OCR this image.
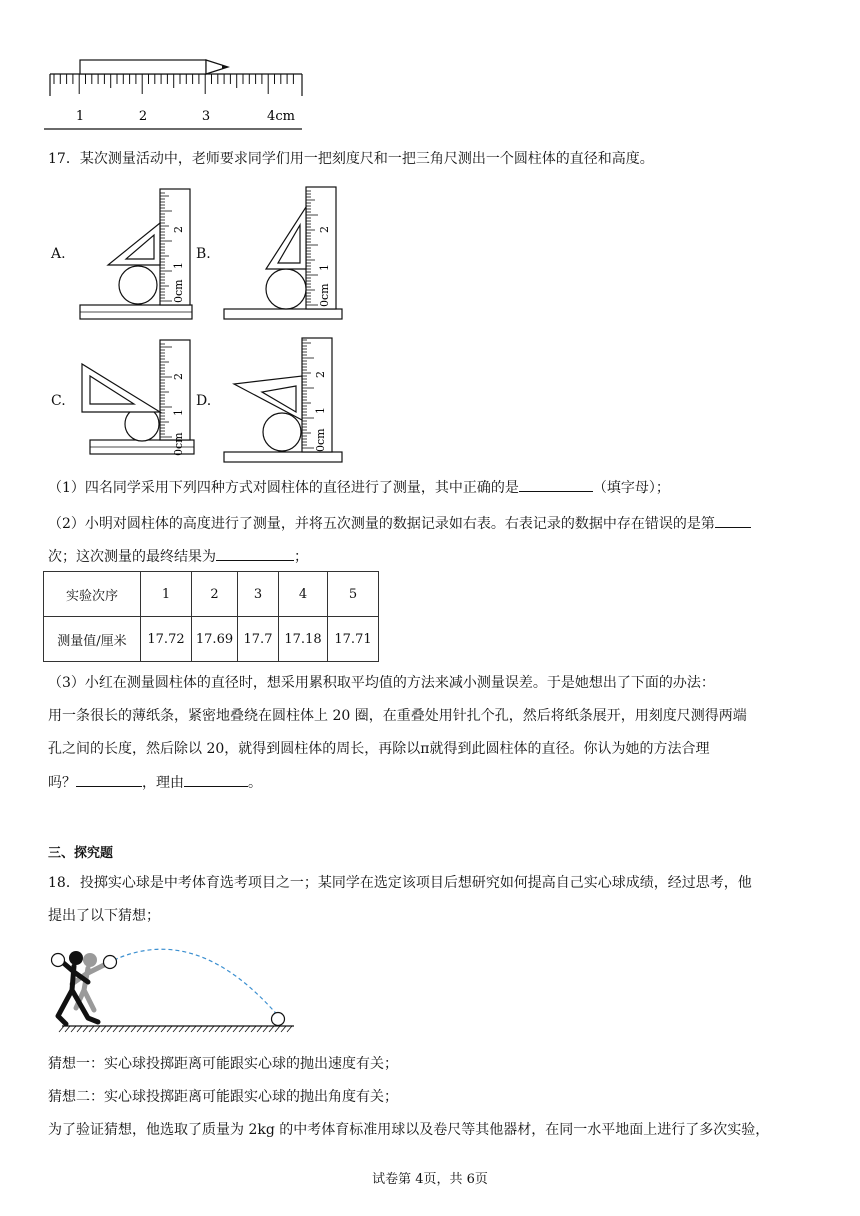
1	2	3	4cm
17．某次测量活动中，老师要求同学们用一把刻度尺和一把三角尺测出一个圆柱体的直径和高度。
A.	B.
C.	D.
0cm
1
2
0cm
1
2
0cm
1
2
0cm
1
2
（1）四名同学采用下列四种方式对圆柱体的直径进行了测量，其中正确的是	（填字母）；
（2）小明对圆柱体的高度进行了测量，并将五次测量的数据记录如右表。右表记录的数据中存在错误的是第
次；这次测量的最终结果为	；
实验次序	1	2	3	4	5
测量值/厘米	17.72	17.69	17.7	17.18	17.71
（3）小红在测量圆柱体的直径时，想采用累积取平均值的方法来减小测量误差。于是她想出了下面的办法：
用一条很长的薄纸条，紧密地叠绕在圆柱体上 20 圈，在重叠处用针扎个孔，然后将纸条展开，用刻度尺测得两端
孔之间的长度，然后除以 20，就得到圆柱体的周长，再除以π就得到此圆柱体的直径。你认为她的方法合理
吗？	，理由	。
三、探究题
18．投掷实心球是中考体育选考项目之一；某同学在选定该项目后想研究如何提高自己实心球成绩，经过思考，他
提出了以下猜想；
猜想一：实心球投掷距离可能跟实心球的抛出速度有关；
猜想二：实心球投掷距离可能跟实心球的抛出角度有关；
为了验证猜想，他选取了质量为 2kg 的中考体育标准用球以及卷尺等其他器材，在同一水平地面上进行了多次实验，
试卷第 4页，共 6页
